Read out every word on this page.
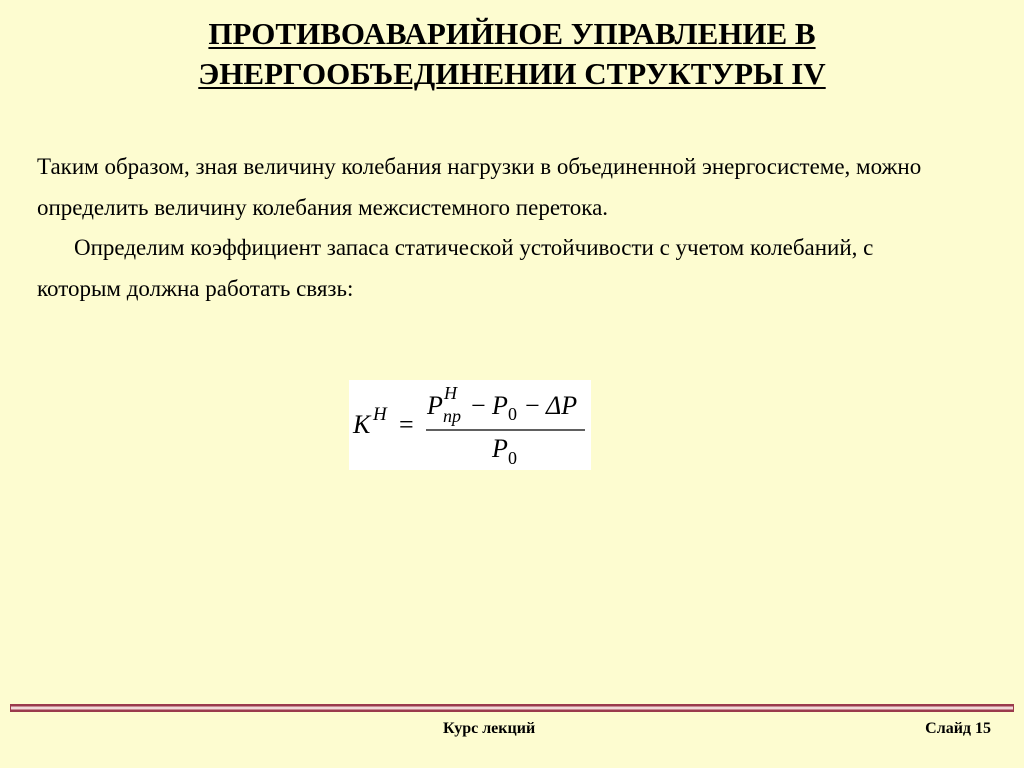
ПРОТИВОАВАРИЙНОЕ УПРАВЛЕНИЕ В
ЭНЕРГООБЪЕДИНЕНИИ СТРУКТУРЫ IV

Таким образом, зная величину колебания нагрузки в объединенной энергосистеме, можно определить величину колебания межсистемного перетока.

Определим коэффициент запаса статической устойчивости с учетом колебаний, с которым должна работать связь:

K H =
P H
np − P 0 − ΔP
P 0
Курс лекций	Слайд 15
